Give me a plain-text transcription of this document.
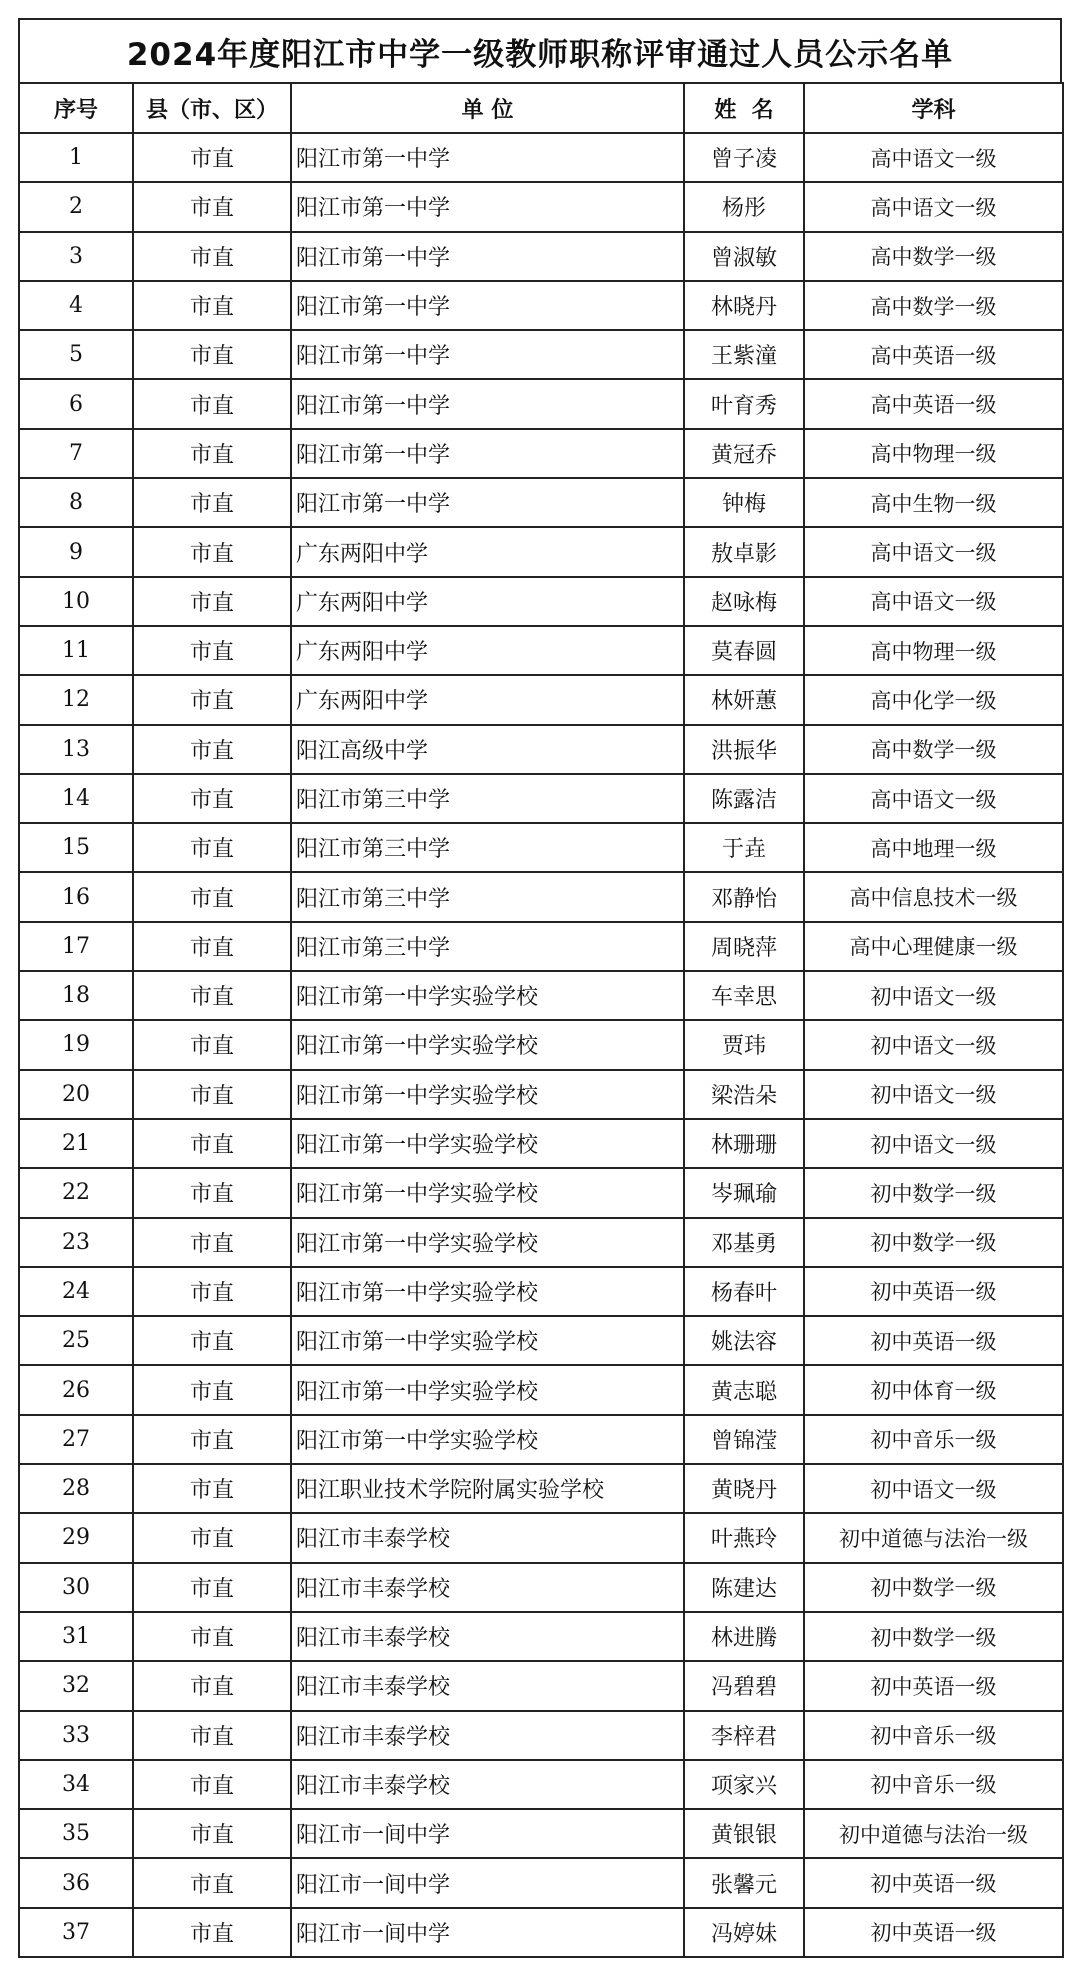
2024年度阳江市中学一级教师职称评审通过人员公示名单
序号	县（市、区）	单 位	姓  名	学科
1	市直	阳江市第一中学	曾子凌	高中语文一级
2	市直	阳江市第一中学	杨彤	高中语文一级
3	市直	阳江市第一中学	曾淑敏	高中数学一级
4	市直	阳江市第一中学	林晓丹	高中数学一级
5	市直	阳江市第一中学	王紫潼	高中英语一级
6	市直	阳江市第一中学	叶育秀	高中英语一级
7	市直	阳江市第一中学	黄冠乔	高中物理一级
8	市直	阳江市第一中学	钟梅	高中生物一级
9	市直	广东两阳中学	敖卓影	高中语文一级
10	市直	广东两阳中学	赵咏梅	高中语文一级
11	市直	广东两阳中学	莫春圆	高中物理一级
12	市直	广东两阳中学	林妍蕙	高中化学一级
13	市直	阳江高级中学	洪振华	高中数学一级
14	市直	阳江市第三中学	陈露洁	高中语文一级
15	市直	阳江市第三中学	于垚	高中地理一级
16	市直	阳江市第三中学	邓静怡	高中信息技术一级
17	市直	阳江市第三中学	周晓萍	高中心理健康一级
18	市直	阳江市第一中学实验学校	车幸思	初中语文一级
19	市直	阳江市第一中学实验学校	贾玮	初中语文一级
20	市直	阳江市第一中学实验学校	梁浩朵	初中语文一级
21	市直	阳江市第一中学实验学校	林珊珊	初中语文一级
22	市直	阳江市第一中学实验学校	岑珮瑜	初中数学一级
23	市直	阳江市第一中学实验学校	邓基勇	初中数学一级
24	市直	阳江市第一中学实验学校	杨春叶	初中英语一级
25	市直	阳江市第一中学实验学校	姚法容	初中英语一级
26	市直	阳江市第一中学实验学校	黄志聪	初中体育一级
27	市直	阳江市第一中学实验学校	曾锦滢	初中音乐一级
28	市直	阳江职业技术学院附属实验学校	黄晓丹	初中语文一级
29	市直	阳江市丰泰学校	叶燕玲	初中道德与法治一级
30	市直	阳江市丰泰学校	陈建达	初中数学一级
31	市直	阳江市丰泰学校	林进腾	初中数学一级
32	市直	阳江市丰泰学校	冯碧碧	初中英语一级
33	市直	阳江市丰泰学校	李梓君	初中音乐一级
34	市直	阳江市丰泰学校	项家兴	初中音乐一级
35	市直	阳江市一间中学	黄银银	初中道德与法治一级
36	市直	阳江市一间中学	张馨元	初中英语一级
37	市直	阳江市一间中学	冯婷妹	初中英语一级
